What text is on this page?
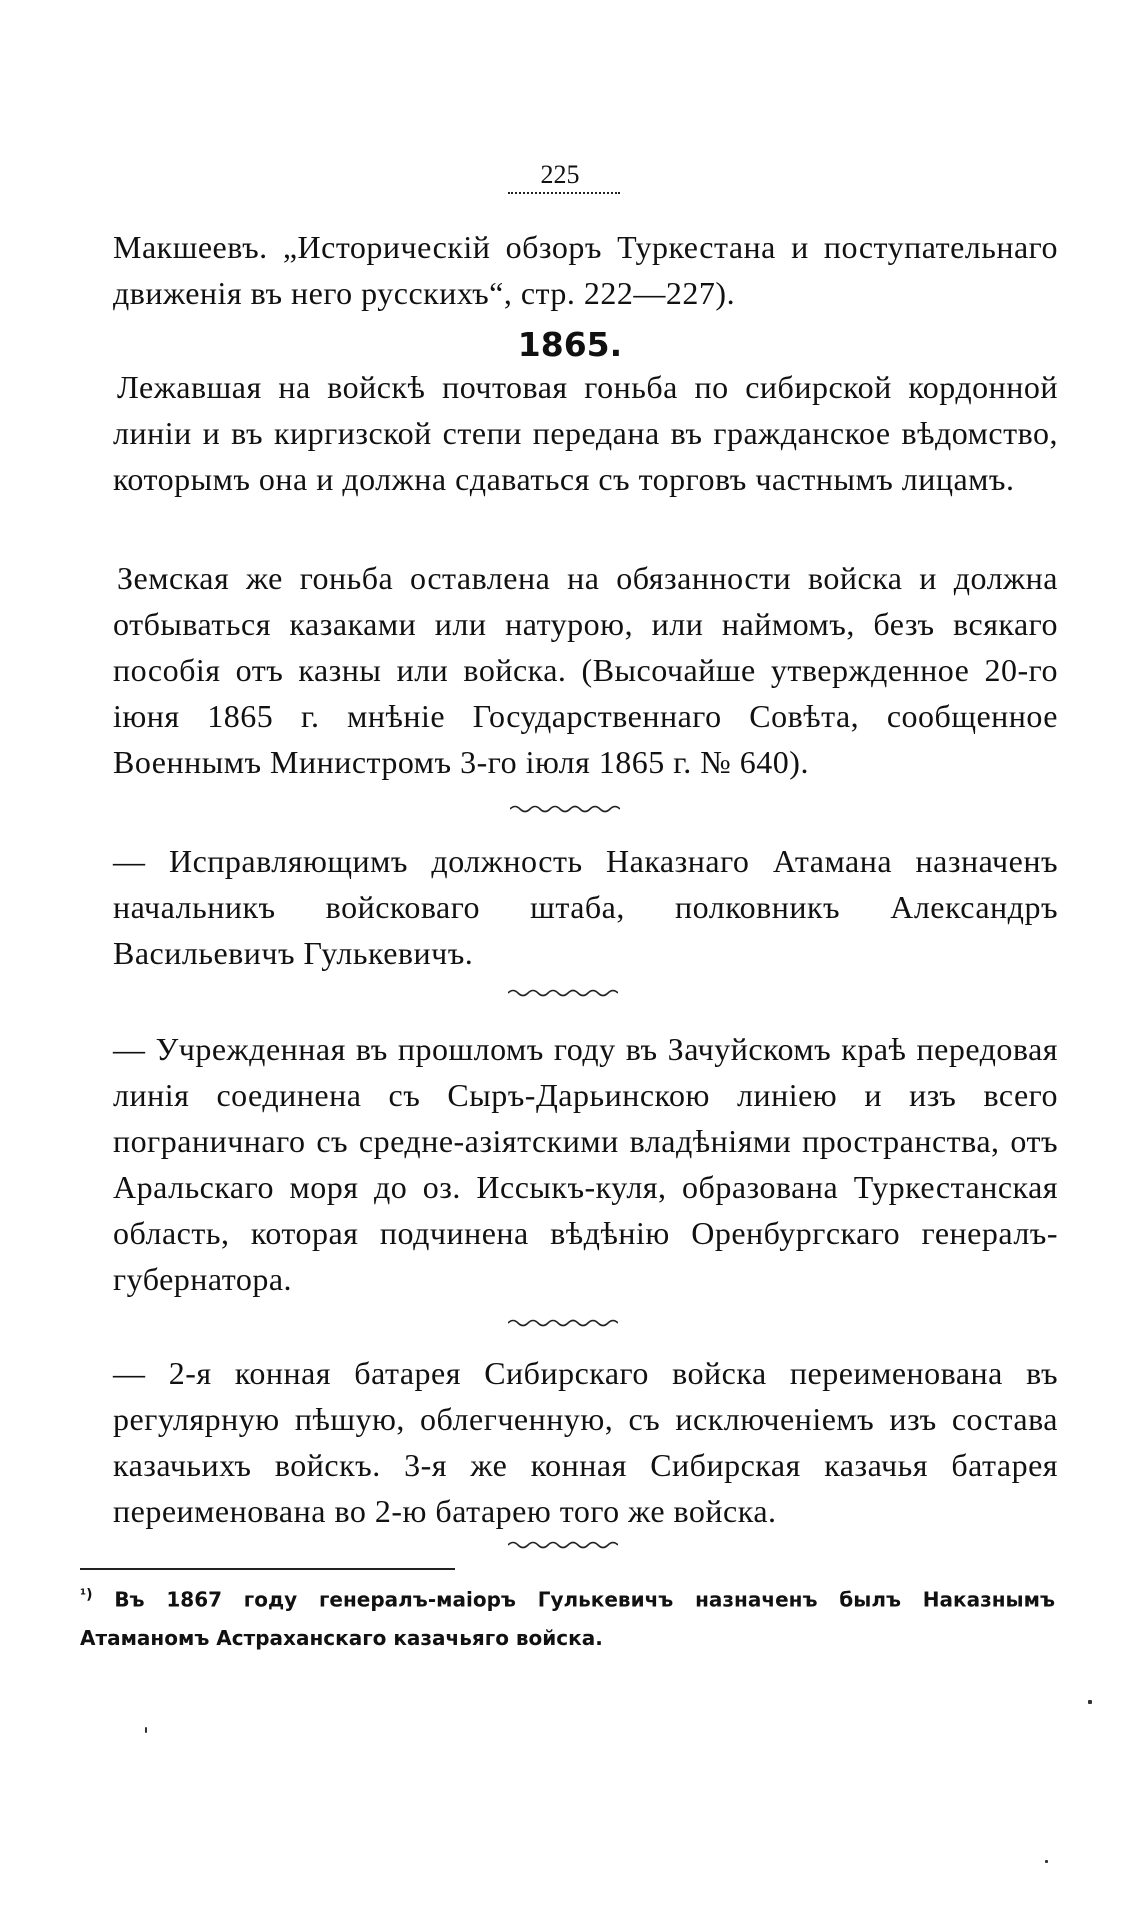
225
Макшеевъ. „Историческій обзоръ Туркестана и поступательнаго движенія въ него русскихъ“, стр. 222—227).
1865.
Лежавшая на войскѣ почтовая гоньба по сибирской кордонной линіи и въ киргизской степи передана въ гражданское вѣдомство, которымъ она и должна сдаваться съ торговъ частнымъ лицамъ.
Земская же гоньба оставлена на обязанности войска и должна отбываться казаками или натурою, или наймомъ, безъ всякаго пособія отъ казны или войска. (Высочайше утвержденное 20-го іюня 1865 г. мнѣніе Государственнаго Совѣта, сообщенное Военнымъ Министромъ 3-го іюля 1865 г. № 640).
— Исправляющимъ должность Наказнаго Атамана назначенъ начальникъ войсковаго штаба, полковникъ Александръ Васильевичъ Гулькевичъ.
— Учрежденная въ прошломъ году въ Зачуйскомъ краѣ передовая линія соединена съ Сыръ-Дарьинскою линіею и изъ всего пограничнаго съ средне-азіятскими владѣніями пространства, отъ Аральскаго моря до оз. Иссыкъ-куля, образована Туркестанская область, которая подчинена вѣдѣнію Оренбургскаго генералъ-губернатора.
— 2-я конная батарея Сибирскаго войска переименована въ регулярную пѣшую, облегченную, съ исключеніемъ изъ состава казачьихъ войскъ. 3-я же конная Сибирская казачья батарея переименована во 2-ю батарею того же войска.
$^{^1)}$ Въ 1867 году генералъ-маіоръ Гулькевичъ назначенъ былъ Наказнымъ Атаманомъ Астраханскаго казачьяго войска.
